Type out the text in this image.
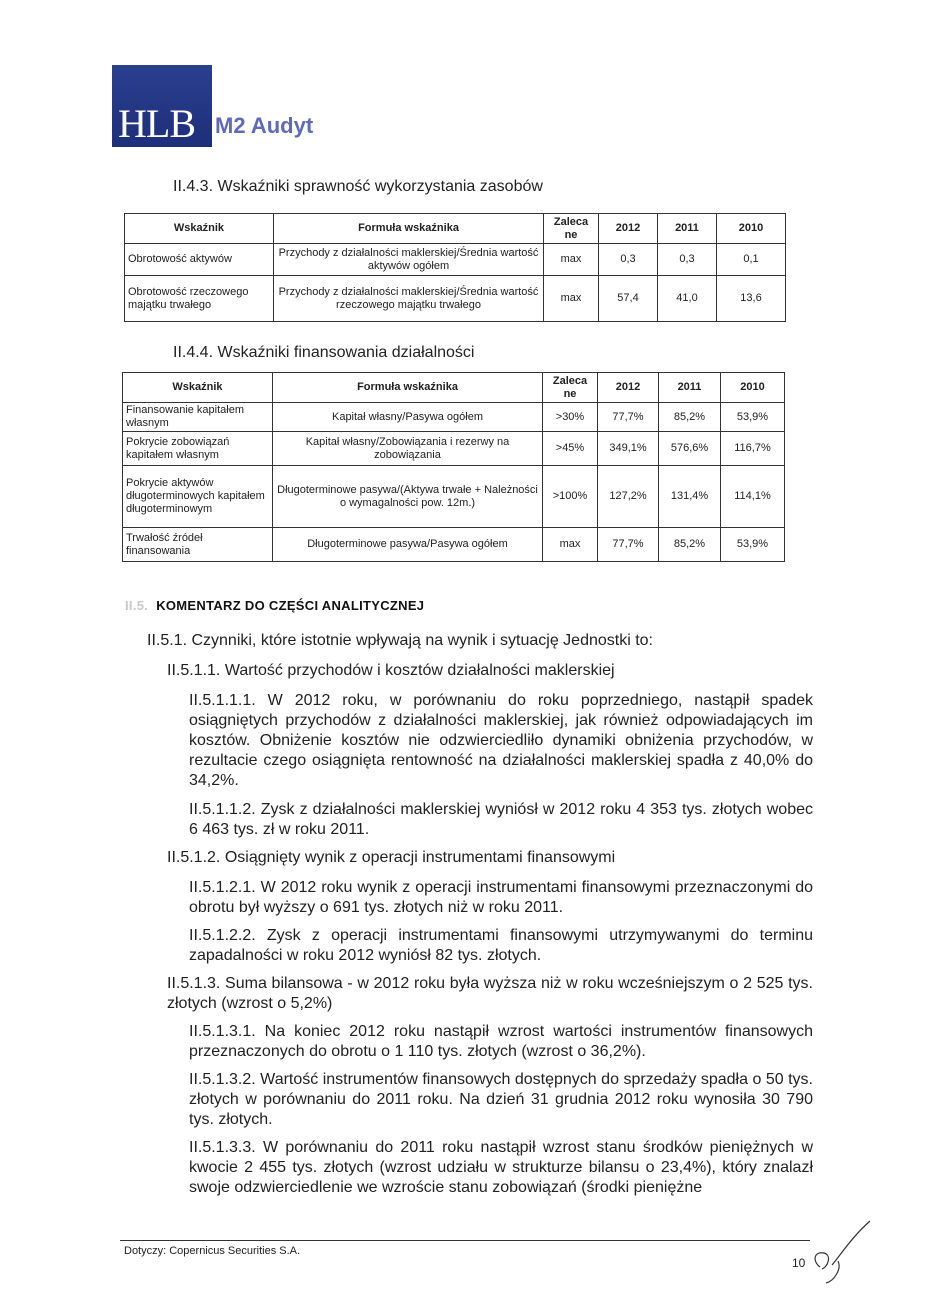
HLB M2 Audyt
II.4.3. Wskaźniki sprawność wykorzystania zasobów
Wskaźnik	Formuła wskaźnika	Zaleca ne	2012	2011	2010
Obrotowość aktywów	Przychody z działalności maklerskiej/Średnia wartość aktywów ogółem	max	0,3	0,3	0,1
Obrotowość rzeczowego majątku trwałego	Przychody z działalności maklerskiej/Średnia wartość rzeczowego majątku trwałego	max	57,4	41,0	13,6
II.4.4. Wskaźniki finansowania działalności
Wskaźnik	Formuła wskaźnika	Zaleca ne	2012	2011	2010
Finansowanie kapitałem własnym	Kapitał własny/Pasywa ogółem	>30%	77,7%	85,2%	53,9%
Pokrycie zobowiązań kapitałem własnym	Kapitał własny/Zobowiązania i rezerwy na zobowiązania	>45%	349,1%	576,6%	116,7%
Pokrycie aktywów długoterminowych kapitałem długoterminowym	Długoterminowe pasywa/(Aktywa trwałe + Należności o wymagalności pow. 12m.)	>100%	127,2%	131,4%	114,1%
Trwałość źródeł finansowania	Długoterminowe pasywa/Pasywa ogółem	max	77,7%	85,2%	53,9%
II.5. KOMENTARZ DO CZĘŚCI ANALITYCZNEJ
II.5.1. Czynniki, które istotnie wpływają na wynik i sytuację Jednostki to:
II.5.1.1. Wartość przychodów i kosztów działalności maklerskiej
II.5.1.1.1. W 2012 roku, w porównaniu do roku poprzedniego, nastąpił spadek osiągniętych przychodów z działalności maklerskiej, jak również odpowiadających im kosztów. Obniżenie kosztów nie odzwierciedliło dynamiki obniżenia przychodów, w rezultacie czego osiągnięta rentowność na działalności maklerskiej spadła z 40,0% do 34,2%.
II.5.1.1.2. Zysk z działalności maklerskiej wyniósł w 2012 roku 4 353 tys. złotych wobec 6 463 tys. zł w roku 2011.
II.5.1.2. Osiągnięty wynik z operacji instrumentami finansowymi
II.5.1.2.1. W 2012 roku wynik z operacji instrumentami finansowymi przeznaczonymi do obrotu był wyższy o 691 tys. złotych niż w roku 2011.
II.5.1.2.2. Zysk z operacji instrumentami finansowymi utrzymywanymi do terminu zapadalności w roku 2012 wyniósł 82 tys. złotych.
II.5.1.3. Suma bilansowa - w 2012 roku była wyższa niż w roku wcześniejszym o 2 525 tys. złotych (wzrost o 5,2%)
II.5.1.3.1. Na koniec 2012 roku nastąpił wzrost wartości instrumentów finansowych przeznaczonych do obrotu o 1 110 tys. złotych (wzrost o 36,2%).
II.5.1.3.2. Wartość instrumentów finansowych dostępnych do sprzedaży spadła o 50 tys. złotych w porównaniu do 2011 roku. Na dzień 31 grudnia 2012 roku wynosiła 30 790 tys. złotych.
II.5.1.3.3. W porównaniu do 2011 roku nastąpił wzrost stanu środków pieniężnych w kwocie 2 455 tys. złotych (wzrost udziału w strukturze bilansu o 23,4%), który znalazł swoje odzwierciedlenie we wzroście stanu zobowiązań (środki pieniężne
Dotyczy: Copernicus Securities S.A.
10
